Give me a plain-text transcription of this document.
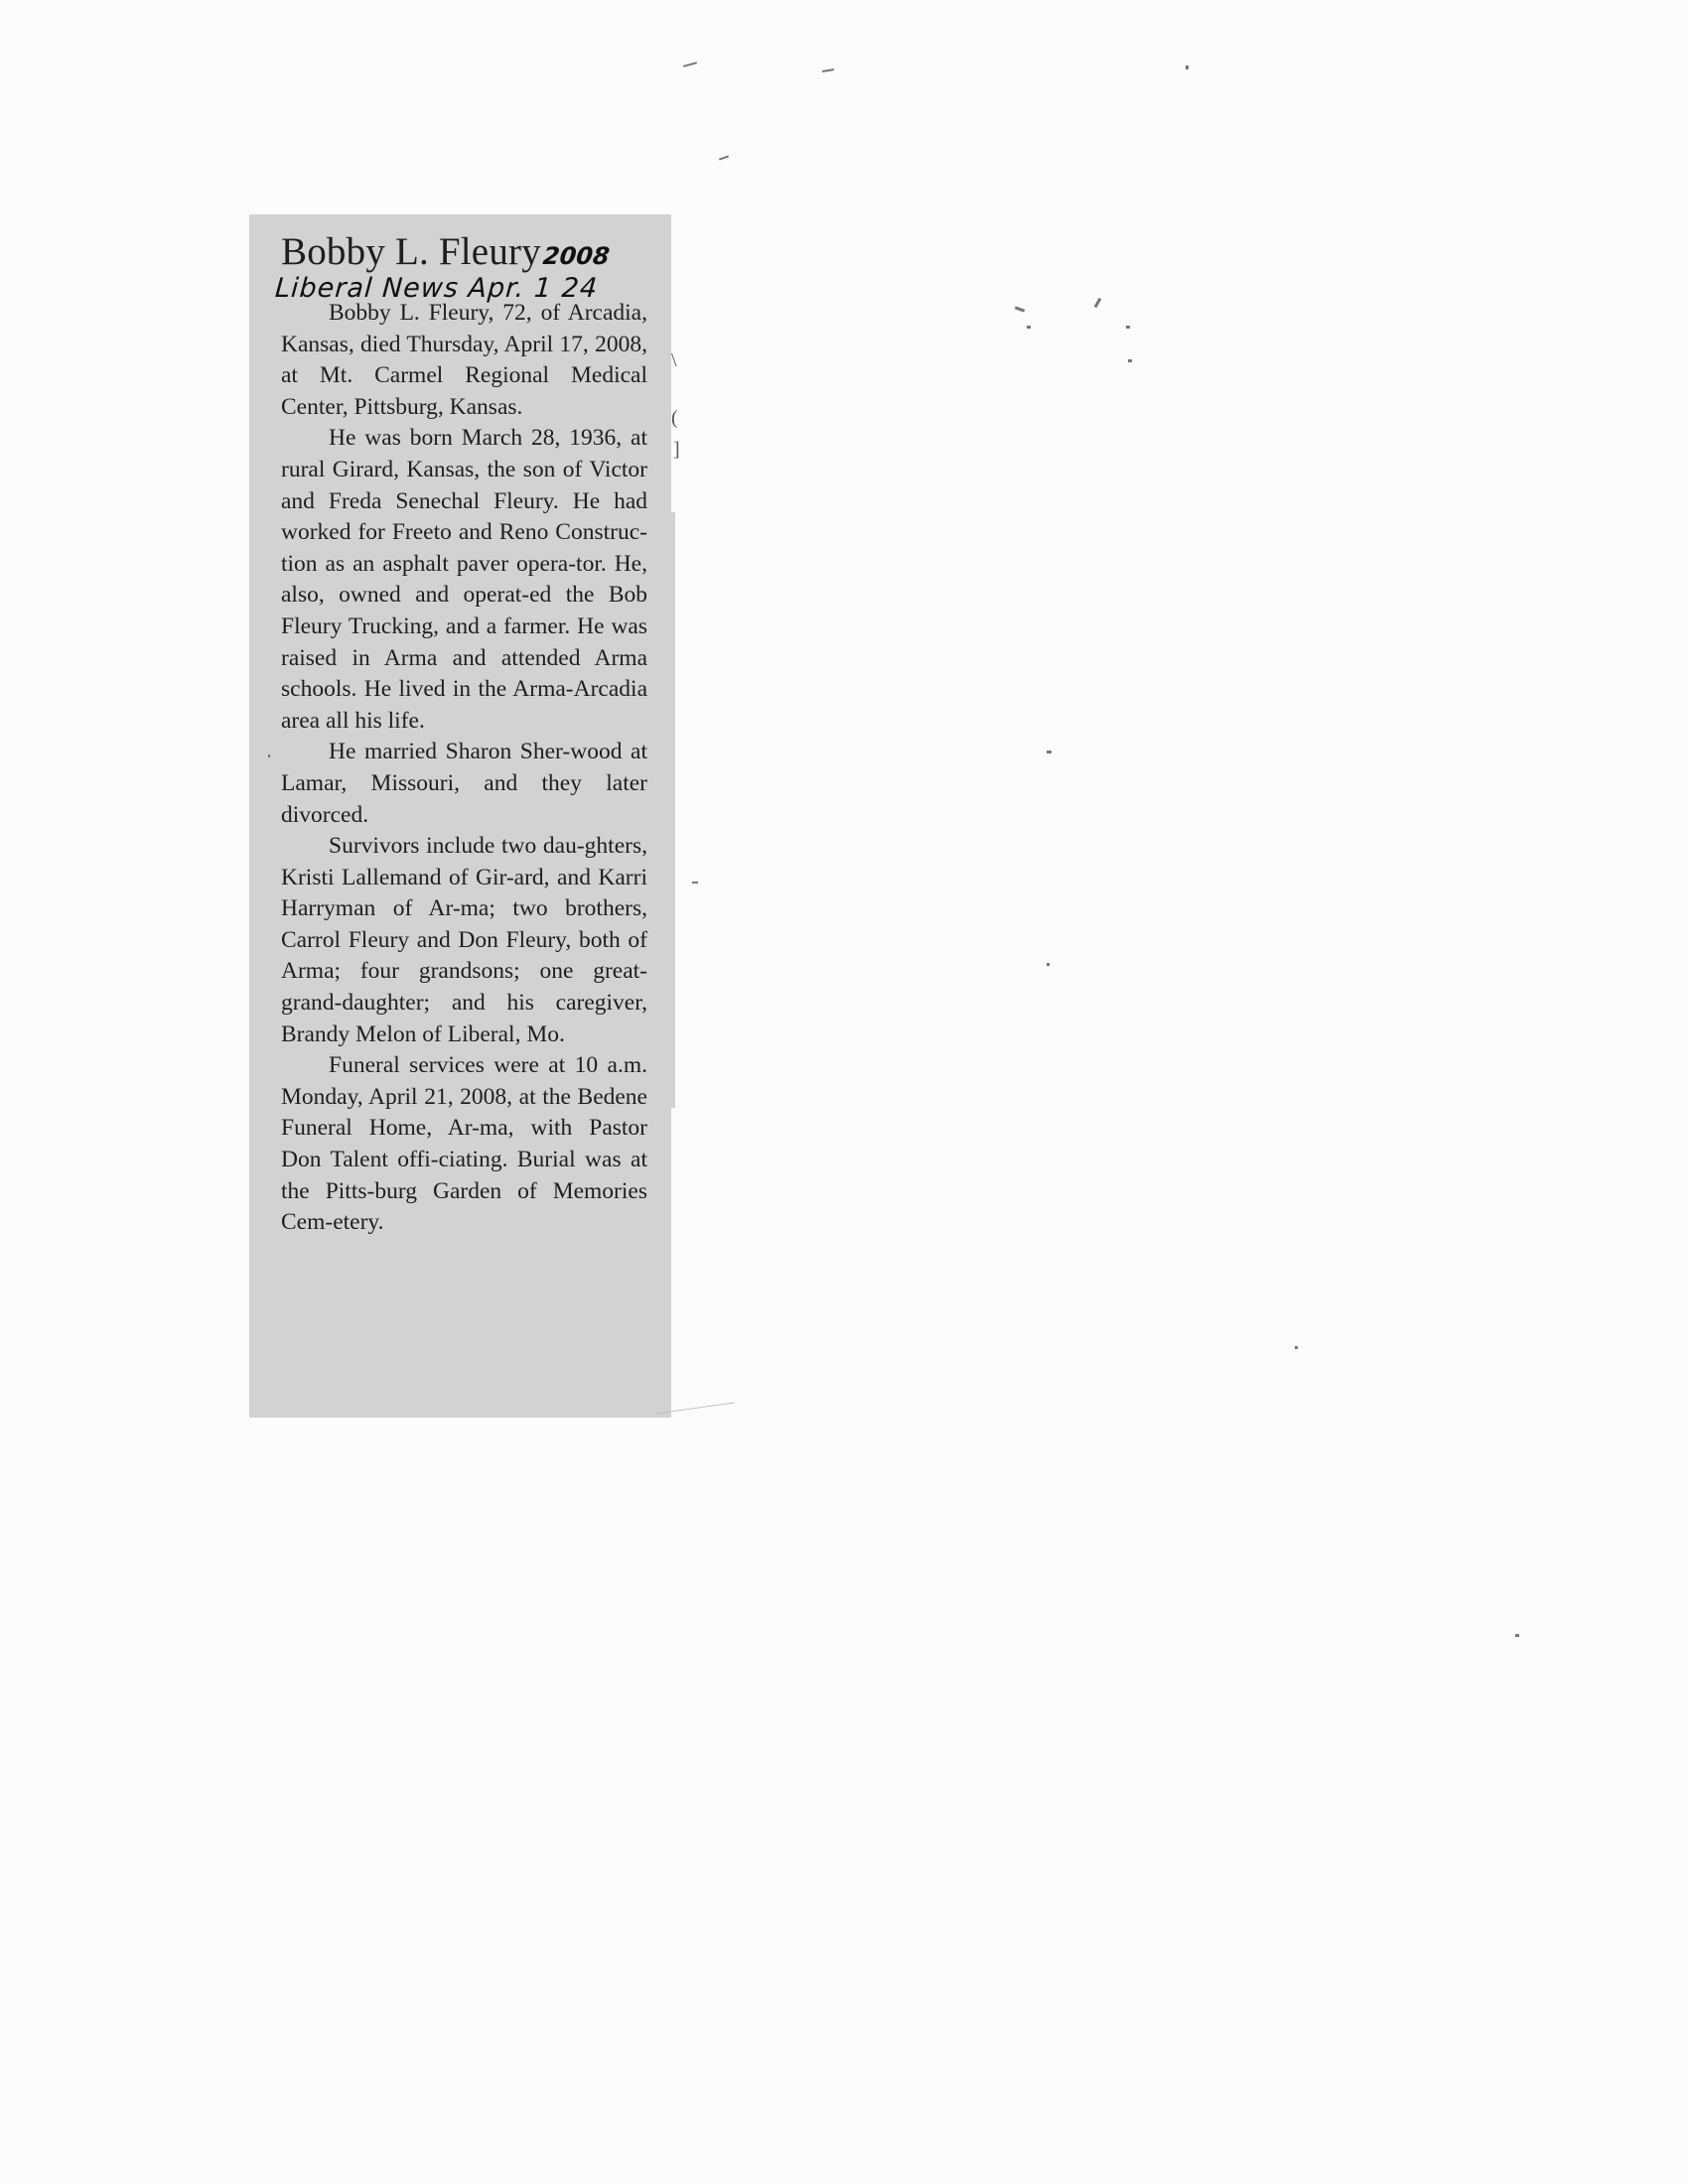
Bobby L. Fleury 2008
Liberal News Apr. 1 24

Bobby L. Fleury, 72, of Arcadia, Kansas, died Thursday, April 17, 2008, at Mt. Carmel Regional Medical Center, Pittsburg, Kansas.

He was born March 28, 1936, at rural Girard, Kansas, the son of Victor and Freda Senechal Fleury. He had worked for Freeto and Reno Construc-tion as an asphalt paver opera-tor. He, also, owned and operat-ed the Bob Fleury Trucking, and a farmer. He was raised in Arma and attended Arma schools. He lived in the Arma-Arcadia area all his life.

He married Sharon Sher-wood at Lamar, Missouri, and they later divorced.

Survivors include two dau-ghters, Kristi Lallemand of Gir-ard, and Karri Harryman of Ar-ma; two brothers, Carrol Fleury and Don Fleury, both of Arma; four grandsons; one great-grand-daughter; and his caregiver, Brandy Melon of Liberal, Mo.

Funeral services were at 10 a.m. Monday, April 21, 2008, at the Bedene Funeral Home, Ar-ma, with Pastor Don Talent offi-ciating. Burial was at the Pitts-burg Garden of Memories Cem-etery.

\
(
]
